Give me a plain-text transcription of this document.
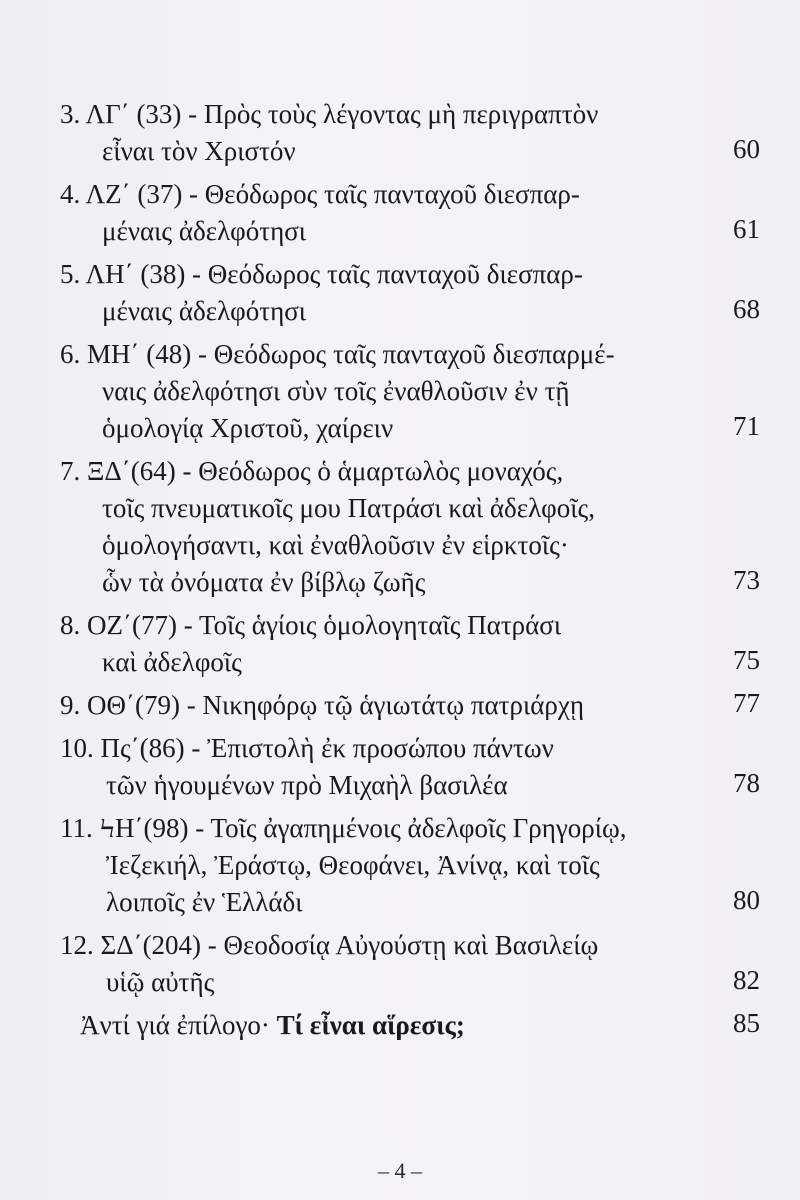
3. ΛΓ΄ (33) - Πρὸς τοὺς λέγοντας μὴ περιγραπτὸν
εἶναι τὸν Χριστόν	60
4. ΛΖ΄ (37) - Θεόδωρος ταῖς πανταχοῦ διεσπαρ-
μέναις ἀδελφότησι	61
5. ΛΗ΄ (38) - Θεόδωρος ταῖς πανταχοῦ διεσπαρ-
μέναις ἀδελφότησι	68
6. ΜΗ΄ (48) - Θεόδωρος ταῖς πανταχοῦ διεσπαρμέ-
ναις ἀδελφότησι σὺν τοῖς ἐναθλοῦσιν ἐν τῇ
ὁμολογίᾳ Χριστοῦ, χαίρειν	71
7. ΞΔ΄(64) - Θεόδωρος ὁ ἁμαρτωλὸς μοναχός,
τοῖς πνευματικοῖς μου Πατράσι καὶ ἀδελφοῖς,
ὁμολογήσαντι, καὶ ἐναθλοῦσιν ἐν εἱρκτοῖς·
ὧν τὰ ὀνόματα ἐν βίβλῳ ζωῆς	73
8. ΟΖ΄(77) - Τοῖς ἁγίοις ὁμολογηταῖς Πατράσι
καὶ ἀδελφοῖς	75
9. ΟΘ΄(79) - Νικηφόρῳ τῷ ἁγιωτάτῳ πατριάρχῃ	77
10. Πς΄(86) - Ἐπιστολὴ ἐκ προσώπου πάντων
τῶν ἡγουμένων πρὸ Μιχαὴλ βασιλέα	78
11. ϞΗ΄(98) - Τοῖς ἀγαπημένοις ἀδελφοῖς Γρηγορίῳ,
Ἰεζεκιήλ, Ἐράστῳ, Θεοφάνει, Ἀνίνᾳ, καὶ τοῖς
λοιποῖς ἐν Ἑλλάδι	80
12. ΣΔ΄(204) - Θεοδοσίᾳ Αὐγούστῃ καὶ Βασιλείῳ
υἱῷ αὐτῆς	82
Ἀντί γιά ἐπίλογο· Τί εἶναι αἵρεσις;	85
– 4 –
